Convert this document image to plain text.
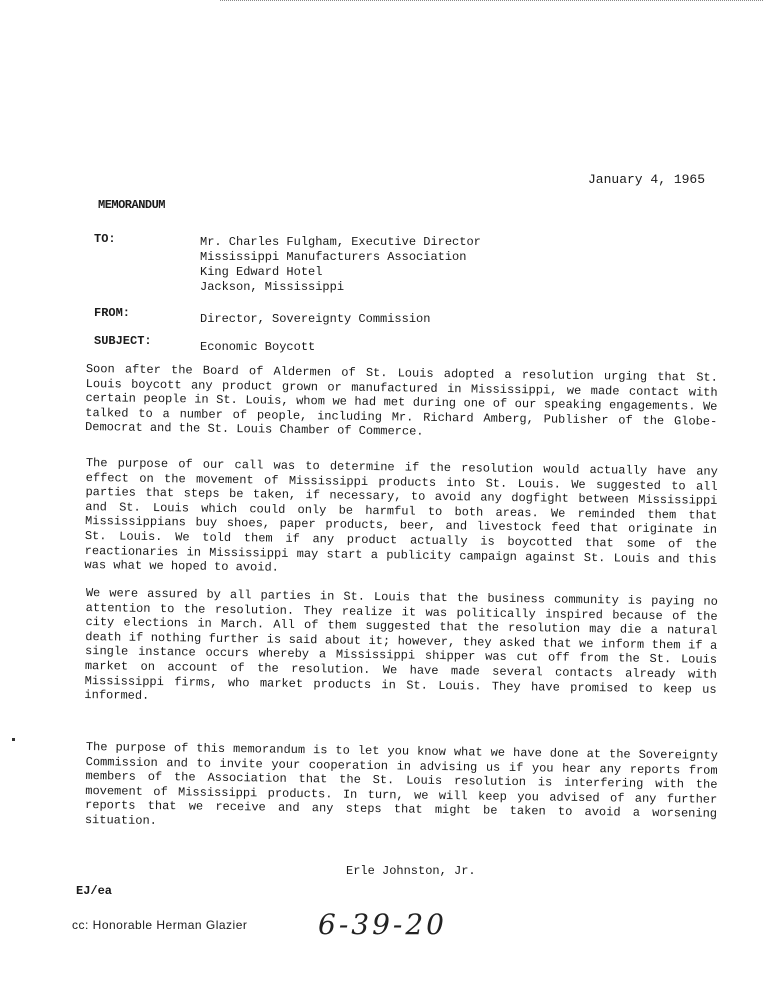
January 4, 1965
MEMORANDUM
TO:	Mr. Charles Fulgham, Executive Director
Mississippi Manufacturers Association
King Edward Hotel
Jackson, Mississippi
FROM:	Director, Sovereignty Commission
SUBJECT:	Economic Boycott
Soon after the Board of Aldermen of St. Louis adopted a resolution urging that St. Louis boycott any product grown or manufactured in Mississippi, we made contact with certain people in St. Louis, whom we had met during one of our speaking engagements. We talked to a number of people, including Mr. Richard Amberg, Publisher of the Globe-Democrat and the St. Louis Chamber of Commerce.
The purpose of our call was to determine if the resolution would actually have any effect on the movement of Mississippi products into St. Louis. We suggested to all parties that steps be taken, if necessary, to avoid any dogfight between Mississippi and St. Louis which could only be harmful to both areas. We reminded them that Mississippians buy shoes, paper products, beer, and livestock feed that originate in St. Louis. We told them if any product actually is boycotted that some of the reactionaries in Mississippi may start a publicity campaign against St. Louis and this was what we hoped to avoid.
We were assured by all parties in St. Louis that the business community is paying no attention to the resolution. They realize it was politically inspired because of the city elections in March. All of them suggested that the resolution may die a natural death if nothing further is said about it; however, they asked that we inform them if a single instance occurs whereby a Mississippi shipper was cut off from the St. Louis market on account of the resolution. We have made several contacts already with Mississippi firms, who market products in St. Louis. They have promised to keep us informed.
The purpose of this memorandum is to let you know what we have done at the Sovereignty Commission and to invite your cooperation in advising us if you hear any reports from members of the Association that the St. Louis resolution is interfering with the movement of Mississippi products. In turn, we will keep you advised of any further reports that we receive and any steps that might be taken to avoid a worsening situation.
Erle Johnston, Jr.
EJ/ea
cc: Honorable Herman Glazier	6-39-20
